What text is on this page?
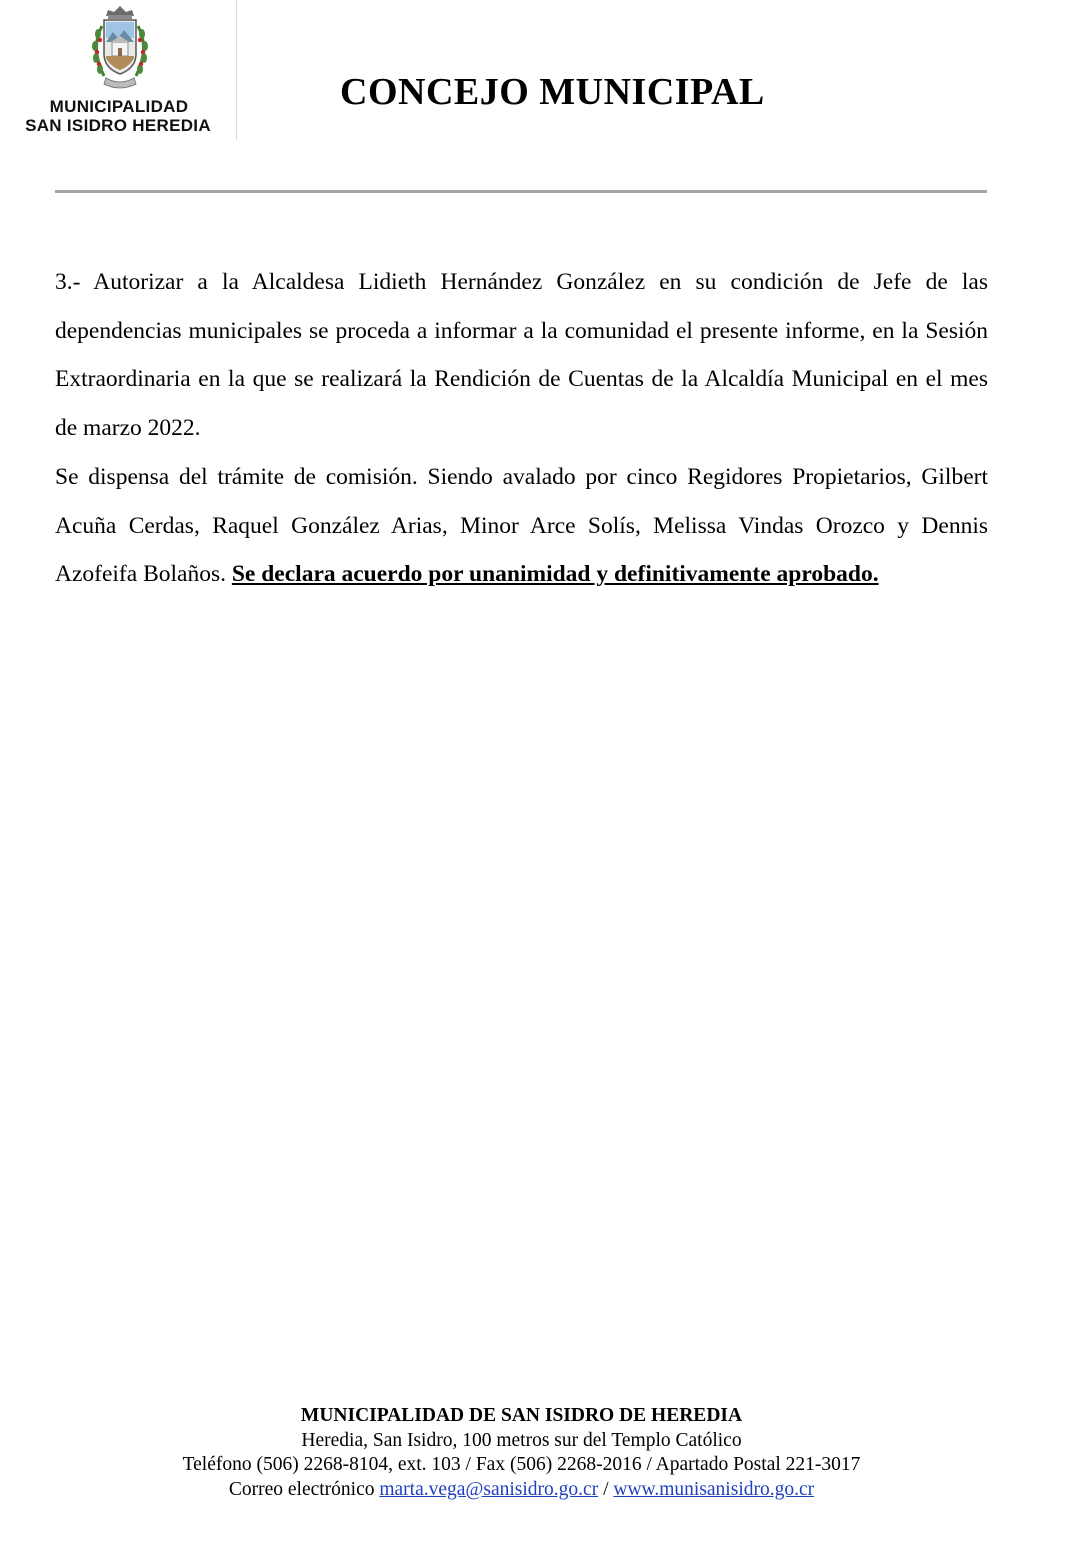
MUNICIPALIDAD
SAN ISIDRO HEREDIA
CONCEJO MUNICIPAL

3.- Autorizar a la Alcaldesa Lidieth Hernández González en su condición de Jefe de las dependencias municipales se proceda a informar a la comunidad el presente informe, en la Sesión Extraordinaria en la que se realizará la Rendición de Cuentas de la Alcaldía Municipal en el mes de marzo 2022.

Se dispensa del trámite de comisión. Siendo avalado por cinco Regidores Propietarios, Gilbert Acuña Cerdas, Raquel González Arias, Minor Arce Solís, Melissa Vindas Orozco y Dennis Azofeifa Bolaños. Se declara acuerdo por unanimidad y definitivamente aprobado.

MUNICIPALIDAD DE SAN ISIDRO DE HEREDIA
Heredia, San Isidro, 100 metros sur del Templo Católico
Teléfono (506) 2268-8104, ext. 103 / Fax (506) 2268-2016 / Apartado Postal 221-3017
Correo electrónico marta.vega@sanisidro.go.cr / www.munisanisidro.go.cr
